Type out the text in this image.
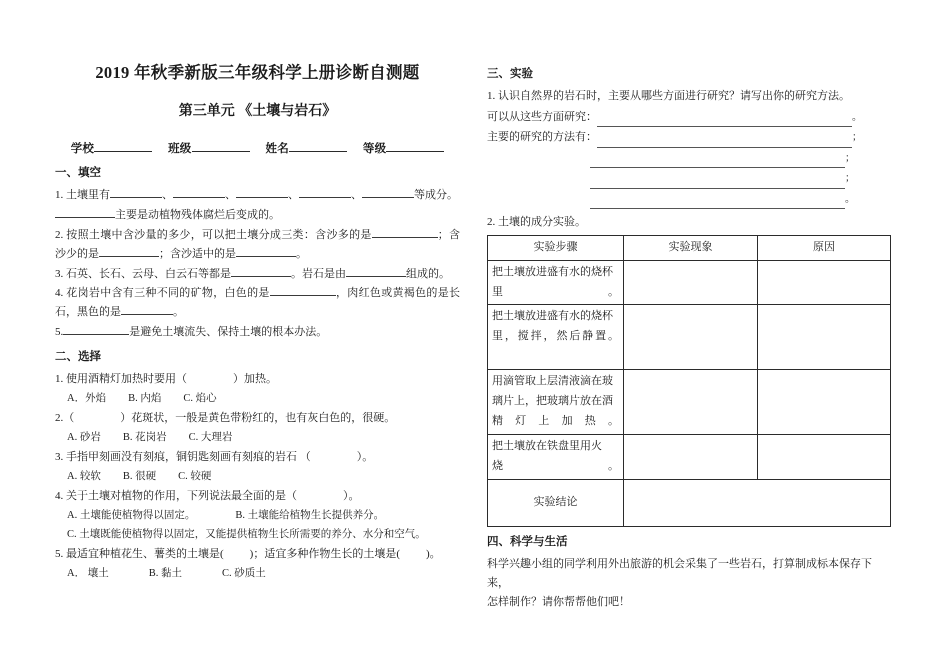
2019 年秋季新版三年级科学上册诊断自测题
第三单元 《土壤与岩石》
学校	班级	姓名	等级
一、填空
1. 土壤里有	、	、	、	、	等成分。
主要是动植物残体腐烂后变成的。
2. 按照土壤中含沙量的多少，可以把土壤分成三类：含沙多的是	；含沙少的是	；含沙适中的是	。
3. 石英、长石、云母、白云石等都是	。岩石是由	组成的。
4. 花岗岩中含有三种不同的矿物，白色的是	，肉红色或黄褐色的是长石，黑色的是	。
5.	是避免土壤流失、保持土壤的根本办法。
二、选择
1. 使用酒精灯加热时要用（	）加热。
A．外焰 B. 内焰 C. 焰心
2.（	）花斑状，一般是黄色带粉红的，也有灰白色的，很硬。
A. 砂岩 B. 花岗岩 C. 大理岩
3. 手指甲刻画没有刻痕，铜钥匙刻画有刻痕的岩石 （	）。
A. 较软 B. 很硬 C. 较硬
4. 关于土壤对植物的作用，下列说法最全面的是（	）。
A. 土壤能使植物得以固定。	B. 土壤能给植物生长提供养分。
C. 土壤既能使植物得以固定，又能提供植物生长所需要的养分、水分和空气。
5. 最适宜种植花生、薯类的土壤是( )；适宜多种作物生长的土壤是( )。
A． 壤土	B. 黏土	C. 砂质土
三、实验
1. 认识自然界的岩石时，主要从哪些方面进行研究？请写出你的研究方法。
可以从这些方面研究：	。
主要的研究的方法有：	；
；
；
。
2. 土壤的成分实验。
实验步骤	实验现象	原因
把土壤放进盛有水的烧杯里。		
把土壤放进盛有水的烧杯里，搅拌，然后静置。		
用滴管取上层清液滴在玻璃片上，把玻璃片放在酒精灯上加热。		
把土壤放在铁盘里用火烧。		
实验结论		
四、科学与生活
科学兴趣小组的同学利用外出旅游的机会采集了一些岩石，打算制成标本保存下来，
怎样制作？请你帮帮他们吧！
